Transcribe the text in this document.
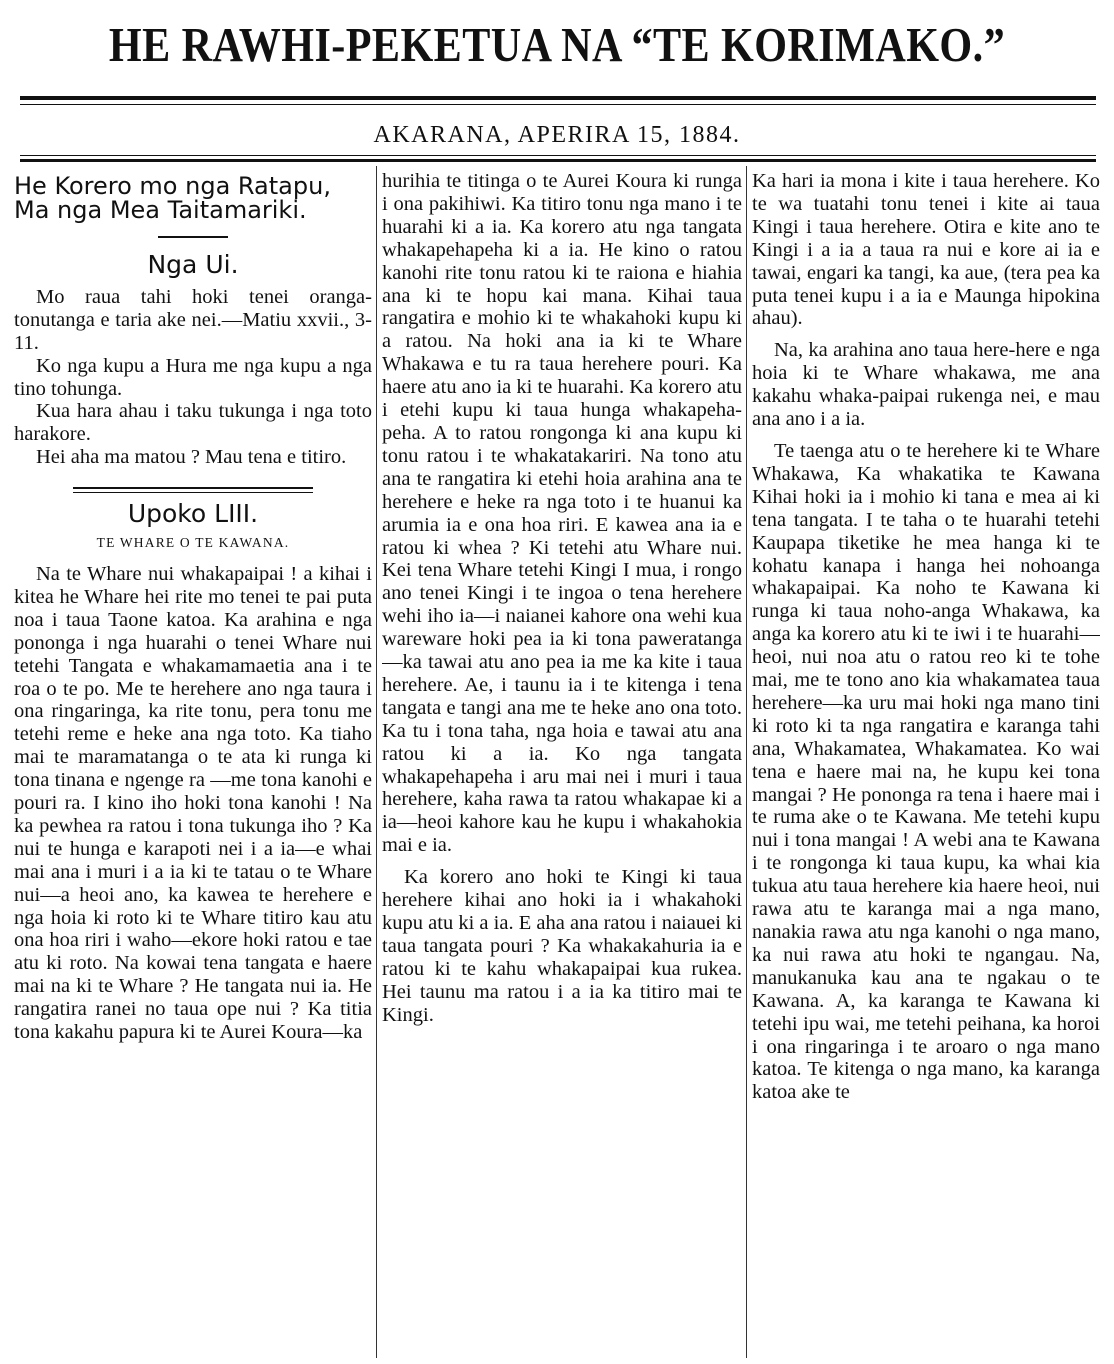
HE RAWHI-PEKETUA NA “TE KORIMAKO.”
AKARANA, APERIRA 15, 1884.
He Korero mo nga Ratapu, Ma nga Mea Taitamariki.
Nga Ui.

Mo raua tahi hoki tenei oranga-tonutanga e taria ake nei.—Matiu xxvii., 3-11.

Ko nga kupu a Hura me nga kupu a nga tino tohunga.

Kua hara ahau i taku tukunga i nga toto harakore.

Hei aha ma matou ? Mau tena e titiro.

Upoko LIII.
TE WHARE O TE KAWANA.

Na te Whare nui whakapaipai ! a kihai i kitea he Whare hei rite mo tenei te pai puta noa i taua Taone katoa. Ka arahina e nga pononga i nga huarahi o tenei Whare nui tetehi Tangata e whakamamaetia ana i te roa o te po. Me te herehere ano nga taura i ona ringaringa, ka rite tonu, pera tonu me tetehi reme e heke ana nga toto. Ka tiaho mai te maramatanga o te ata ki runga ki tona tinana e ngenge ra —me tona kanohi e pouri ra. I kino iho hoki tona kanohi ! Na ka pewhea ra ratou i tona tukunga iho ? Ka nui te hunga e karapoti nei i a ia—e whai mai ana i muri i a ia ki te tatau o te Whare nui—a heoi ano, ka kawea te herehere e nga hoia ki roto ki te Whare titiro kau atu ona hoa riri i waho—ekore hoki ratou e tae atu ki roto. Na kowai tena tangata e haere mai na ki te Whare ? He tangata nui ia. He rangatira ranei no taua ope nui ? Ka titia tona kakahu papura ki te Aurei Koura—ka

hurihia te titinga o te Aurei Koura ki runga i ona pakihiwi. Ka titiro tonu nga mano i te huarahi ki a ia. Ka korero atu nga tangata whakapehapeha ki a ia. He kino o ratou kanohi rite tonu ratou ki te raiona e hiahia ana ki te hopu kai mana. Kihai taua rangatira e mohio ki te whakahoki kupu ki a ratou. Na hoki ana ia ki te Whare Whakawa e tu ra taua herehere pouri. Ka haere atu ano ia ki te huarahi. Ka korero atu i etehi kupu ki taua hunga whakapeha-peha. A to ratou rongonga ki ana kupu ki tonu ratou i te whakatakariri. Na tono atu ana te rangatira ki etehi hoia arahina ana te herehere e heke ra nga toto i te huanui ka arumia ia e ona hoa riri. E kawea ana ia e ratou ki whea ? Ki tetehi atu Whare nui. Kei tena Whare tetehi Kingi I mua, i rongo ano tenei Kingi i te ingoa o tena herehere wehi iho ia—i naianei kahore ona wehi kua wareware hoki pea ia ki tona paweratanga—ka tawai atu ano pea ia me ka kite i taua herehere. Ae, i taunu ia i te kitenga i tena tangata e tangi ana me te heke ano ona toto. Ka tu i tona taha, nga hoia e tawai atu ana ratou ki a ia. Ko nga tangata whakapehapeha i aru mai nei i muri i taua herehere, kaha rawa ta ratou whakapae ki a ia—heoi kahore kau he kupu i whakahokia mai e ia.

Ka korero ano hoki te Kingi ki taua herehere kihai ano hoki ia i whakahoki kupu atu ki a ia. E aha ana ratou i naiauei ki taua tangata pouri ? Ka whakakahuria ia e ratou ki te kahu whakapaipai kua rukea. Hei taunu ma ratou i a ia ka titiro mai te Kingi.

Ka hari ia mona i kite i taua herehere. Ko te wa tuatahi tonu tenei i kite ai taua Kingi i taua herehere. Otira e kite ano te Kingi i a ia a taua ra nui e kore ai ia e tawai, engari ka tangi, ka aue, (tera pea ka puta tenei kupu i a ia e Maunga hipokina ahau).

Na, ka arahina ano taua here-here e nga hoia ki te Whare whakawa, me ana kakahu whaka-paipai rukenga nei, e mau ana ano i a ia.

Te taenga atu o te herehere ki te Whare Whakawa, Ka whakatika te Kawana Kihai hoki ia i mohio ki tana e mea ai ki tena tangata. I te taha o te huarahi tetehi Kaupapa tiketike he mea hanga ki te kohatu kanapa i hanga hei nohoanga whakapaipai. Ka noho te Kawana ki runga ki taua noho-anga Whakawa, ka anga ka korero atu ki te iwi i te huarahi—heoi, nui noa atu o ratou reo ki te tohe mai, me te tono ano kia whakamatea taua herehere—ka uru mai hoki nga mano tini ki roto ki ta nga rangatira e karanga tahi ana, Whakamatea, Whakamatea. Ko wai tena e haere mai na, he kupu kei tona mangai ? He pononga ra tena i haere mai i te ruma ake o te Kawana. Me tetehi kupu nui i tona mangai ! A webi ana te Kawana i te rongonga ki taua kupu, ka whai kia tukua atu taua herehere kia haere heoi, nui rawa atu te karanga mai a nga mano, nanakia rawa atu nga kanohi o nga mano, ka nui rawa atu hoki te ngangau. Na, manukanuka kau ana te ngakau o te Kawana. A, ka karanga te Kawana ki tetehi ipu wai, me tetehi peihana, ka horoi i ona ringaringa i te aroaro o nga mano katoa. Te kitenga o nga mano, ka karanga katoa ake te
